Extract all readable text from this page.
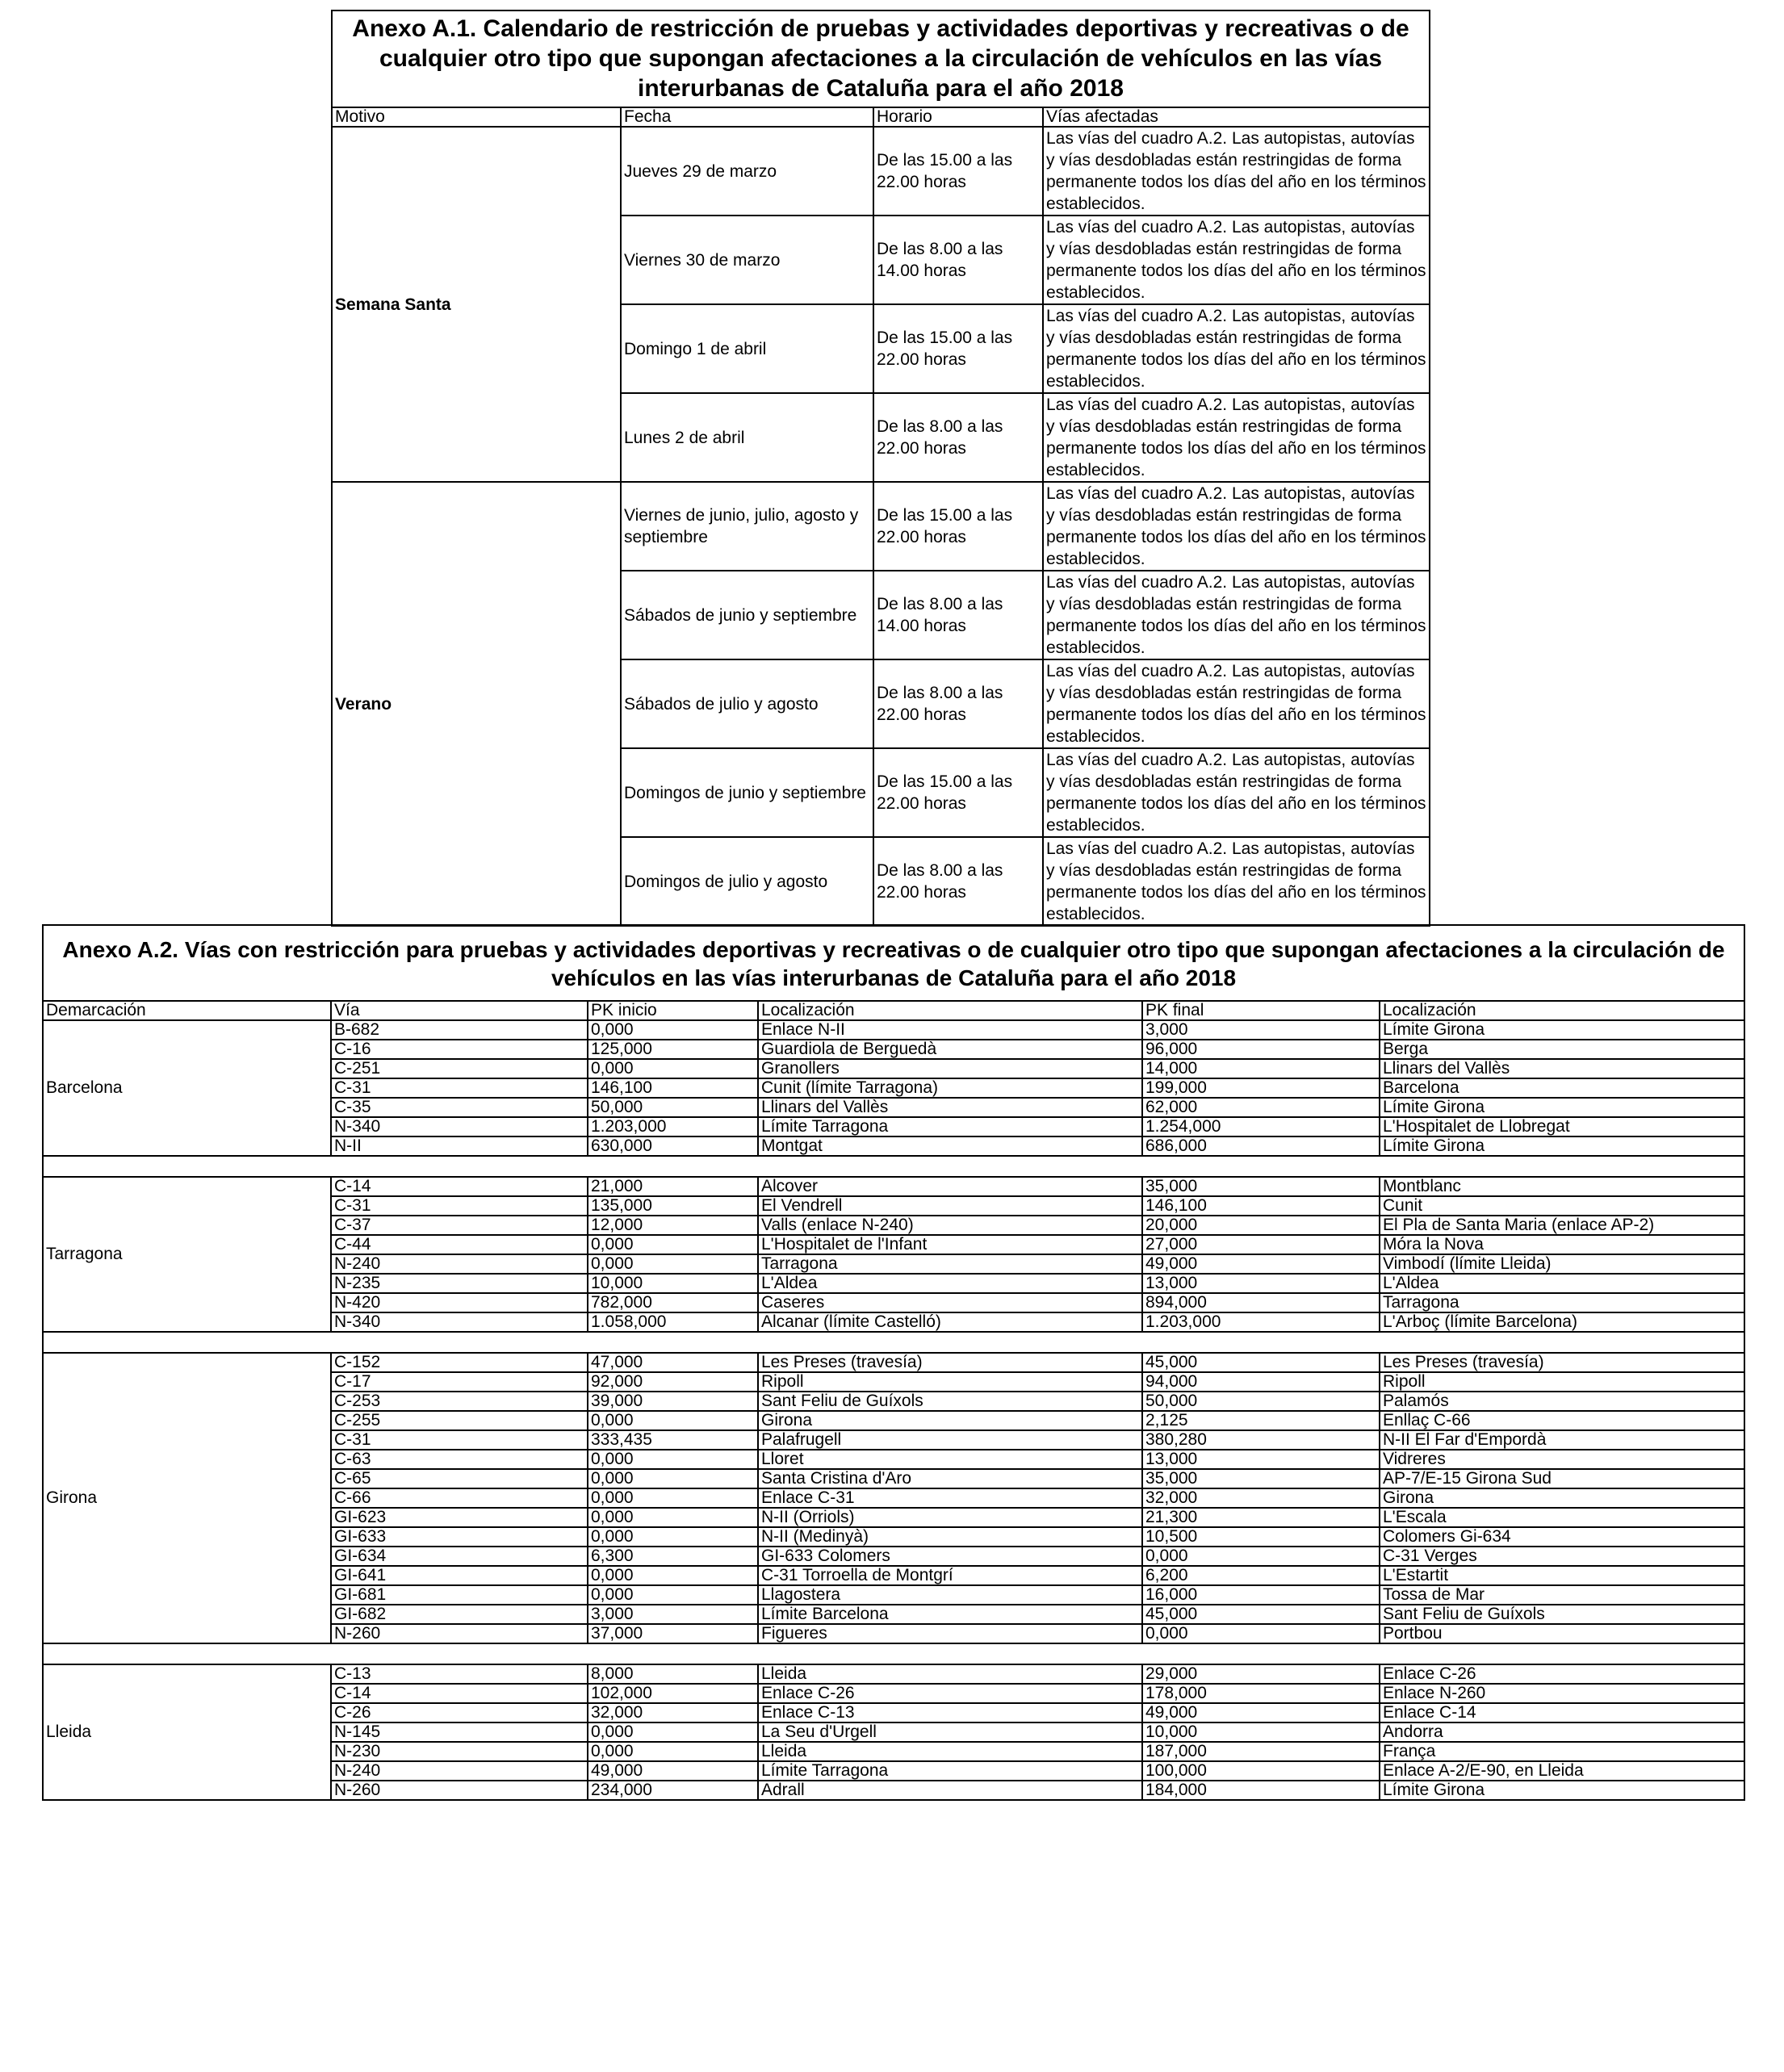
Anexo A.1. Calendario de restricción de pruebas y actividades deportivas y recreativas o de cualquier otro tipo que supongan afectaciones a la circulación de vehículos en las vías interurbanas de Cataluña para el año 2018			
Motivo	Fecha	Horario	Vías afectadas
Semana Santa	Jueves 29 de marzo	De las 15.00 a las 22.00 horas	Las vías del cuadro A.2. Las autopistas, autovías y vías desdobladas están restringidas de forma permanente todos los días del año en los términos establecidos.
	Viernes 30 de marzo	De las 8.00 a las 14.00 horas	Las vías del cuadro A.2. Las autopistas, autovías y vías desdobladas están restringidas de forma permanente todos los días del año en los términos establecidos.
	Domingo 1 de abril	De las 15.00 a las 22.00 horas	Las vías del cuadro A.2. Las autopistas, autovías y vías desdobladas están restringidas de forma permanente todos los días del año en los términos establecidos.
	Lunes 2 de abril	De las 8.00 a las 22.00 horas	Las vías del cuadro A.2. Las autopistas, autovías y vías desdobladas están restringidas de forma permanente todos los días del año en los términos establecidos.
Verano	Viernes de junio, julio, agosto y septiembre	De las 15.00 a las 22.00 horas	Las vías del cuadro A.2. Las autopistas, autovías y vías desdobladas están restringidas de forma permanente todos los días del año en los términos establecidos.
	Sábados de junio y septiembre	De las 8.00 a las 14.00 horas	Las vías del cuadro A.2. Las autopistas, autovías y vías desdobladas están restringidas de forma permanente todos los días del año en los términos establecidos.
	Sábados de julio y agosto	De las 8.00 a las 22.00 horas	Las vías del cuadro A.2. Las autopistas, autovías y vías desdobladas están restringidas de forma permanente todos los días del año en los términos establecidos.
	Domingos de junio y septiembre	De las 15.00 a las 22.00 horas	Las vías del cuadro A.2. Las autopistas, autovías y vías desdobladas están restringidas de forma permanente todos los días del año en los términos establecidos.
	Domingos de julio y agosto	De las 8.00 a las 22.00 horas	Las vías del cuadro A.2. Las autopistas, autovías y vías desdobladas están restringidas de forma permanente todos los días del año en los términos establecidos.
Anexo A.2. Vías con restricción para pruebas y actividades deportivas y recreativas o de cualquier otro tipo que supongan afectaciones a la circulación de vehículos en las vías interurbanas de Cataluña para el año 2018					
Demarcación	Vía	PK inicio	Localización	PK final	Localización
Barcelona	B-682	0,000	Enlace N-II	3,000	Límite Girona
	C-16	125,000	Guardiola de Berguedà	96,000	Berga
	C-251	0,000	Granollers	14,000	Llinars del Vallès
	C-31	146,100	Cunit (límite Tarragona)	199,000	Barcelona
	C-35	50,000	Llinars del Vallès	62,000	Límite Girona
	N-340	1.203,000	Límite Tarragona	1.254,000	L'Hospitalet de Llobregat
	N-II	630,000	Montgat	686,000	Límite Girona

Tarragona	C-14	21,000	Alcover	35,000	Montblanc
	C-31	135,000	El Vendrell	146,100	Cunit
	C-37	12,000	Valls (enlace N-240)	20,000	El Pla de Santa Maria (enlace AP-2)
	C-44	0,000	L'Hospitalet de l'Infant	27,000	Móra la Nova
	N-240	0,000	Tarragona	49,000	Vimbodí (límite Lleida)
	N-235	10,000	L'Aldea	13,000	L'Aldea
	N-420	782,000	Caseres	894,000	Tarragona
	N-340	1.058,000	Alcanar (límite Castelló)	1.203,000	L'Arboç (límite Barcelona)

Girona	C-152	47,000	Les Preses (travesía)	45,000	Les Preses (travesía)
	C-17	92,000	Ripoll	94,000	Ripoll
	C-253	39,000	Sant Feliu de Guíxols	50,000	Palamós
	C-255	0,000	Girona	2,125	Enllaç C-66
	C-31	333,435	Palafrugell	380,280	N-II El Far d'Empordà
	C-63	0,000	Lloret	13,000	Vidreres
	C-65	0,000	Santa Cristina d'Aro	35,000	AP-7/E-15 Girona Sud
	C-66	0,000	Enlace C-31	32,000	Girona
	GI-623	0,000	N-II (Orriols)	21,300	L'Escala
	GI-633	0,000	N-II (Medinyà)	10,500	Colomers Gi-634
	GI-634	6,300	GI-633 Colomers	0,000	C-31 Verges
	GI-641	0,000	C-31 Torroella de Montgrí	6,200	L'Estartit
	GI-681	0,000	Llagostera	16,000	Tossa de Mar
	GI-682	3,000	Límite Barcelona	45,000	Sant Feliu de Guíxols
	N-260	37,000	Figueres	0,000	Portbou

Lleida	C-13	8,000	Lleida	29,000	Enlace C-26
	C-14	102,000	Enlace C-26	178,000	Enlace N-260
	C-26	32,000	Enlace C-13	49,000	Enlace C-14
	N-145	0,000	La Seu d'Urgell	10,000	Andorra
	N-230	0,000	Lleida	187,000	França
	N-240	49,000	Límite Tarragona	100,000	Enlace A-2/E-90, en Lleida
	N-260	234,000	Adrall	184,000	Límite Girona
